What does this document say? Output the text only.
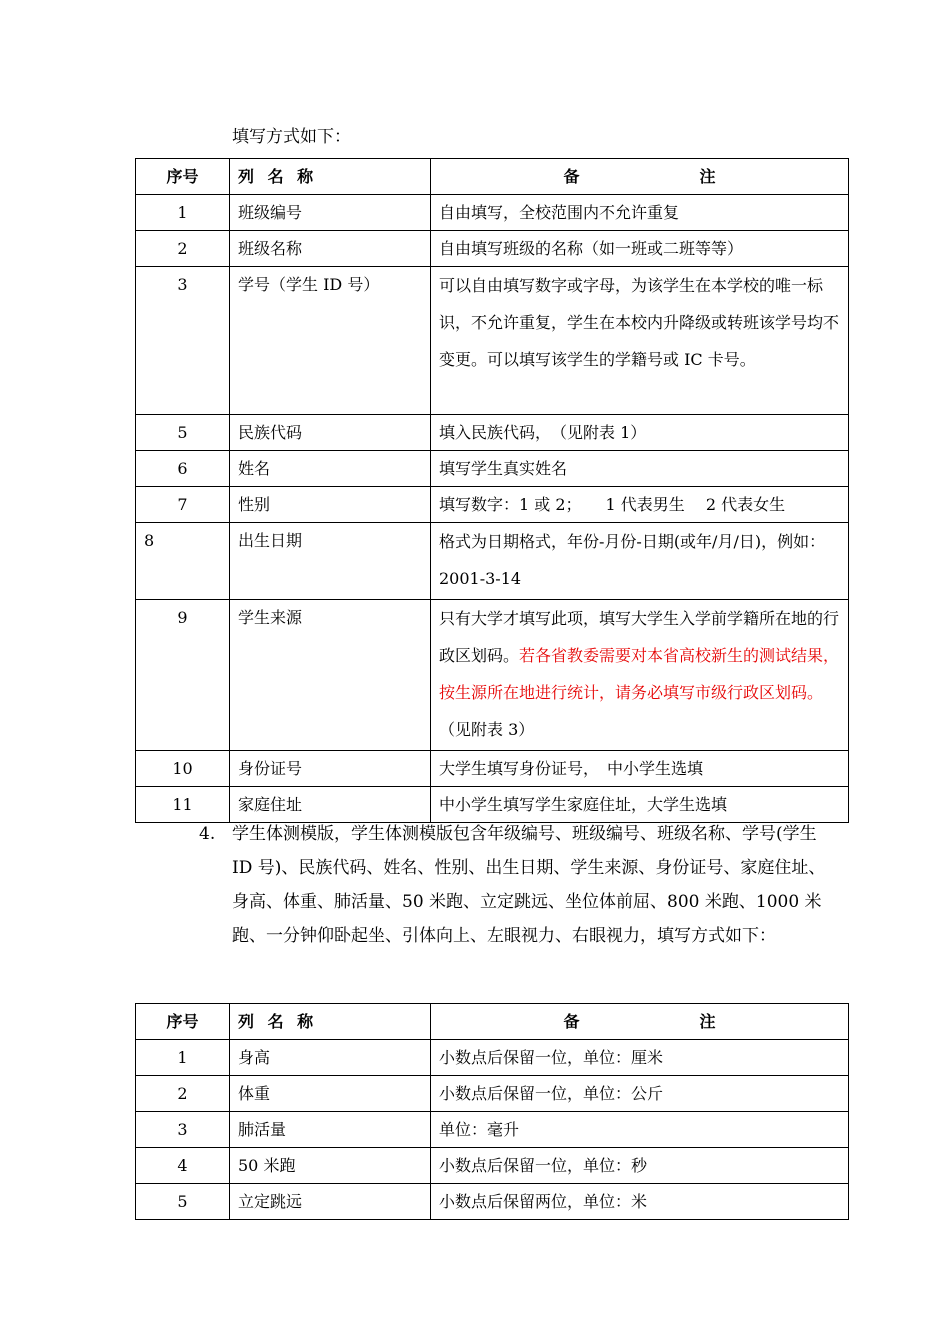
填写方式如下：
序号	列 名 称	备 注
1	班级编号	自由填写，全校范围内不允许重复
2	班级名称	自由填写班级的名称（如一班或二班等等）
3	学号（学生 ID 号）	可以自由填写数字或字母，为该学生在本学校的唯一标识，不允许重复，学生在本校内升降级或转班该学号均不变更。可以填写该学生的学籍号或 IC 卡号。
5	民族代码	填入民族代码，　（见附表 1）
6	姓名	填写学生真实姓名
7	性别	填写数字：1 或 2；　　1 代表男生　 2 代表女生
8	出生日期	格式为日期格式，年份-月份-日期(或年/月/日)，例如：2001-3-14
9	学生来源	只有大学才填写此项，填写大学生入学前学籍所在地的行政区划码。若各省教委需要对本省高校新生的测试结果，按生源所在地进行统计，请务必填写市级行政区划码。（见附表 3）
10	身份证号	大学生填写身份证号，　中小学生选填
11	家庭住址	中小学生填写学生家庭住址，大学生选填
4. 学生体测模版，学生体测模版包含年级编号、班级编号、班级名称、学号(学生 ID 号)、民族代码、姓名、性别、出生日期、学生来源、身份证号、家庭住址、身高、体重、肺活量、50 米跑、立定跳远、坐位体前屈、800 米跑、1000 米跑、一分钟仰卧起坐、引体向上、左眼视力、右眼视力，填写方式如下：
序号	列 名 称	备 注
1	身高	小数点后保留一位，单位：厘米
2	体重	小数点后保留一位，单位：公斤
3	肺活量	单位：毫升
4	50 米跑	小数点后保留一位，单位：秒
5	立定跳远	小数点后保留两位，单位：米
